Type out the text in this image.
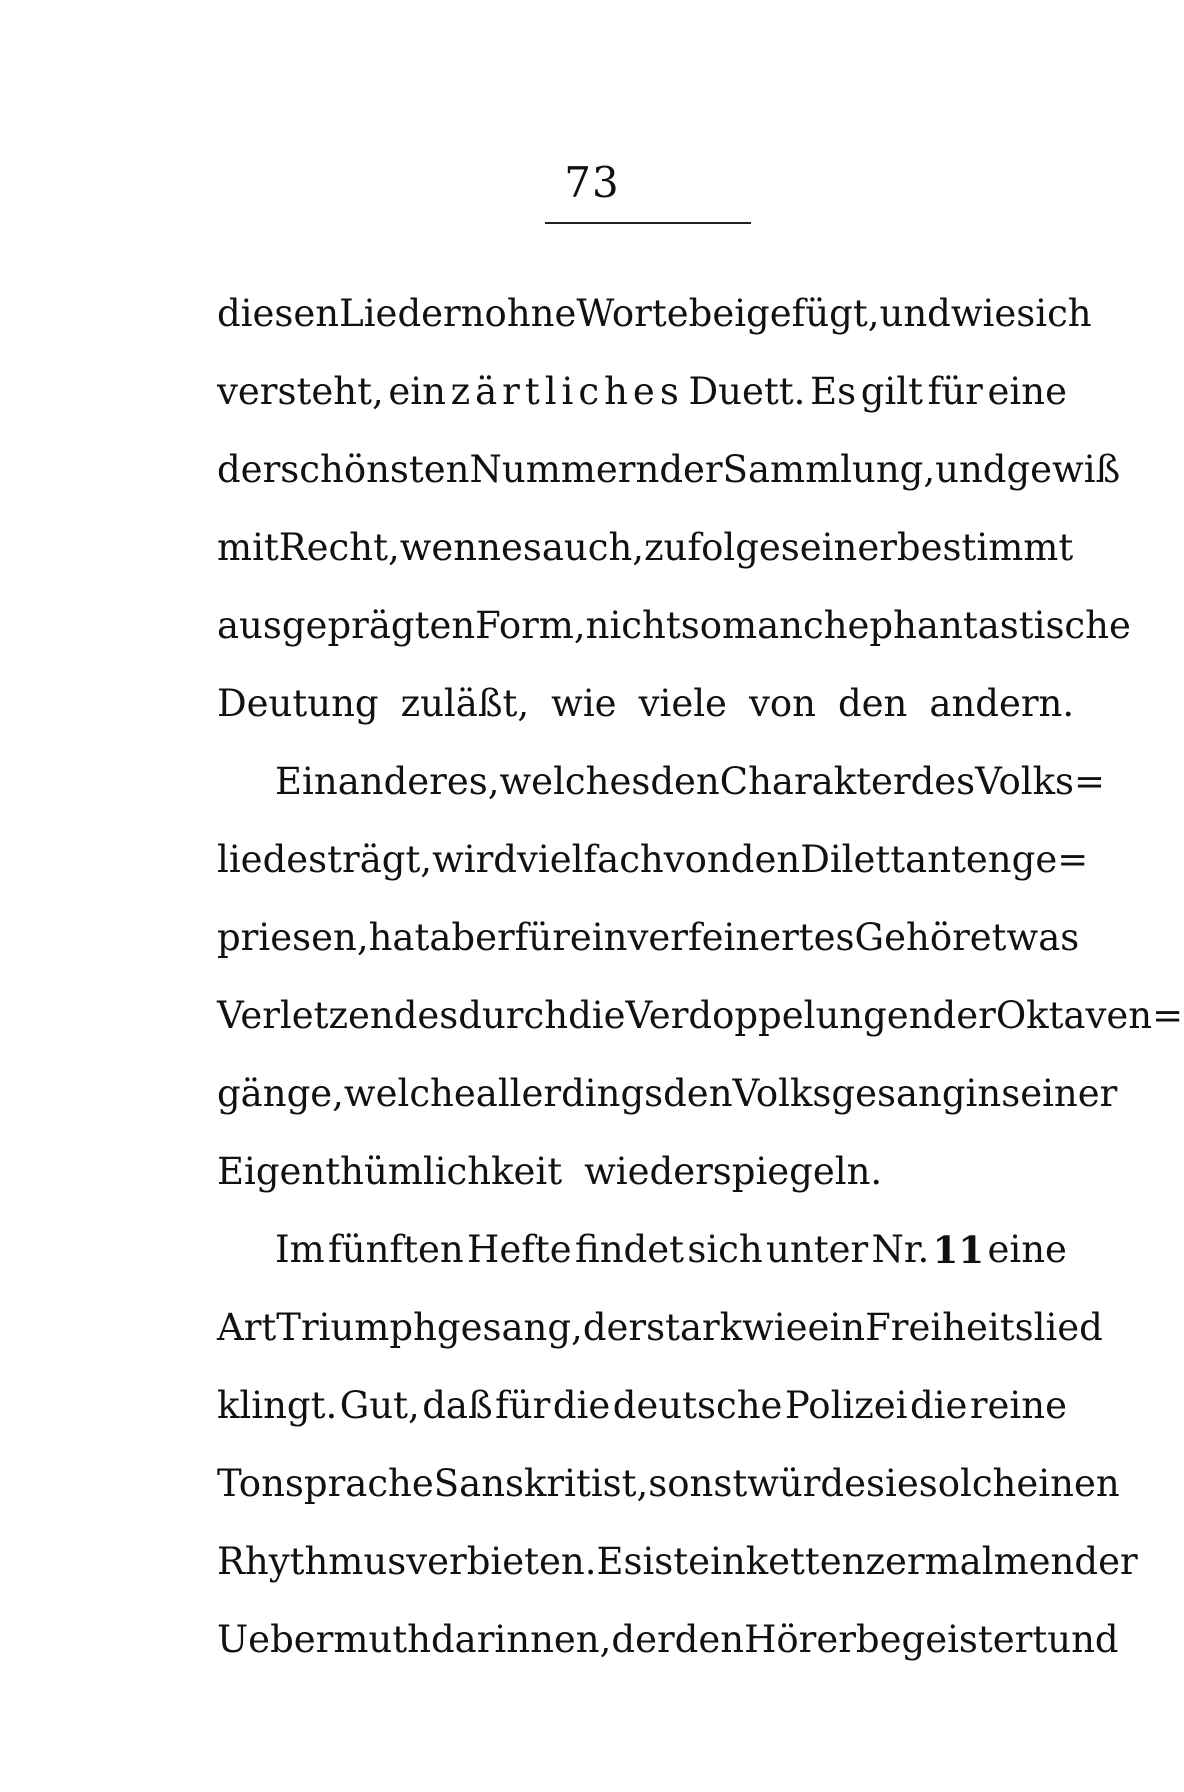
73
diesen Liedern ohne Worte beigefügt, und wie sich
versteht, ein zärtliches Duett. Es gilt für eine
der schönsten Nummern der Sammlung, und gewiß
mit Recht, wenn es auch, zufolge seiner bestimmt
ausgeprägten Form, nicht so manche phantastische
Deutung zuläßt, wie viele von den andern.
Ein anderes, welches den Charakter des Volks=
liedes trägt, wird vielfach von den Dilettanten ge=
priesen, hat aber für ein verfeinertes Gehör etwas
Verletzendes durch die Verdoppelungen der Oktaven=
gänge, welche allerdings den Volksgesang in seiner
Eigenthümlichkeit wiederspiegeln.
Im fünften Hefte findet sich unter Nr. 11 eine
Art Triumphgesang, der stark wie ein Freiheitslied
klingt. Gut, daß für die deutsche Polizei die reine
Tonsprache Sanskrit ist, sonst würde sie solch einen
Rhythmus verbieten. Es ist ein kettenzermalmender
Uebermuth darinnen, der den Hörer begeistert und
